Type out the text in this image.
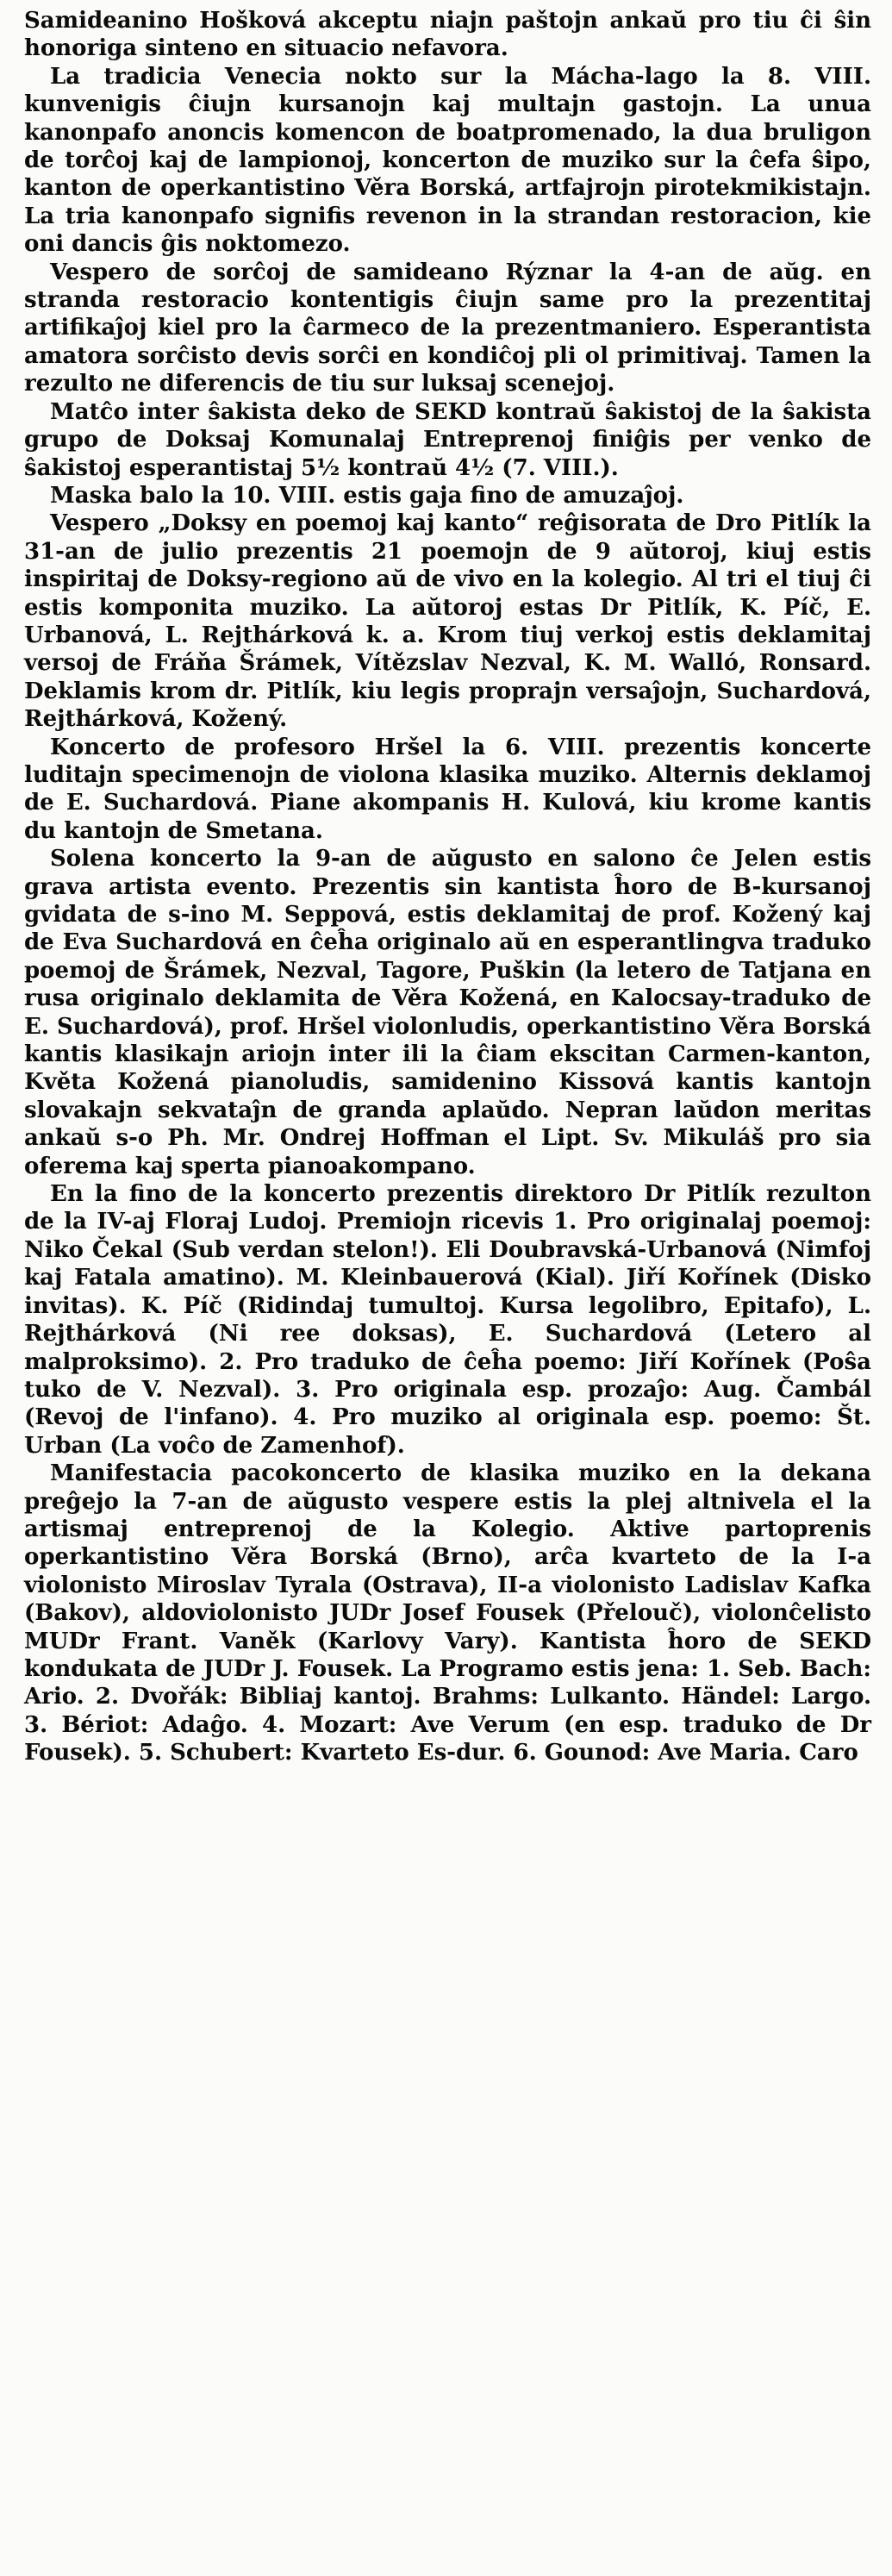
Samideanino Hošková akceptu niajn paštojn ankaŭ pro tiu ĉi ŝin honoriga sinteno en situacio nefavora.

La tradicia Venecia nokto sur la Mácha-lago la 8. VIII. kunvenigis ĉiujn kursanojn kaj multajn gastojn. La unua kanonpafo anoncis komencon de boatpromenado, la dua bruligon de torĉoj kaj de lampionoj, koncerton de muziko sur la ĉefa ŝipo, kanton de operkantistino Věra Borská, artfajrojn pirotekmikistajn. La tria kanonpafo signifis revenon in la strandan restoracion, kie oni dancis ĝis noktomezo.

Vespero de sorĉoj de samideano Rýznar la 4-an de aŭg. en stranda restoracio kontentigis ĉiujn same pro la prezentitaj artifikaĵoj kiel pro la ĉarmeco de la prezentmaniero. Esperantista amatora sorĉisto devis sorĉi en kondiĉoj pli ol primitivaj. Tamen la rezulto ne diferencis de tiu sur luksaj scenejoj.

Matĉo inter ŝakista deko de SEKD kontraŭ ŝakistoj de la ŝakista grupo de Doksaj Komunalaj Entreprenoj finiĝis per venko de ŝakistoj esperantistaj 5½ kontraŭ 4½ (7. VIII.).

Maska balo la 10. VIII. estis gaja fino de amuzaĵoj.

Vespero „Doksy en poemoj kaj kanto“ reĝisorata de Dro Pitlík la 31-an de julio prezentis 21 poemojn de 9 aŭtoroj, kiuj estis inspiritaj de Doksy-regiono aŭ de vivo en la kolegio. Al tri el tiuj ĉi estis komponita muziko. La aŭtoroj estas Dr Pitlík, K. Píč, E. Urbanová, L. Rejthárková k. a. Krom tiuj verkoj estis deklamitaj versoj de Fráňa Šrámek, Vítězslav Nezval, K. M. Walló, Ronsard. Deklamis krom dr. Pitlík, kiu legis proprajn versaĵojn, Suchardová, Rejthárková, Kožený.

Koncerto de profesoro Hršel la 6. VIII. prezentis koncerte luditajn specimenojn de violona klasika muziko. Alternis deklamoj de E. Suchardová. Piane akompanis H. Kulová, kiu krome kantis du kantojn de Smetana.

Solena koncerto la 9-an de aŭgusto en salono ĉe Jelen estis grava artista evento. Prezentis sin kantista ĥoro de B-kursanoj gvidata de s-ino M. Seppová, estis deklamitaj de prof. Kožený kaj de Eva Suchardová en ĉeĥa originalo aŭ en esperantlingva traduko poemoj de Šrámek, Nezval, Tagore, Puškin (la letero de Tatjana en rusa originalo deklamita de Věra Kožená, en Kalocsay-traduko de E. Suchardová), prof. Hršel violonludis, operkantistino Věra Borská kantis klasikajn ariojn inter ili la ĉiam ekscitan Carmen-kanton, Květa Kožená pianoludis, samidenino Kissová kantis kantojn slovakajn sekvataĵn de granda aplaŭdo. Nepran laŭdon meritas ankaŭ s-o Ph. Mr. Ondrej Hoffman el Lipt. Sv. Mikuláš pro sia oferema kaj sperta pianoakompano.

En la fino de la koncerto prezentis direktoro Dr Pitlík rezulton de la IV-aj Floraj Ludoj. Premiojn ricevis 1. Pro originalaj poemoj: Niko Čekal (Sub verdan stelon!). Eli Doubravská-Urbanová (Nimfoj kaj Fatala amatino). M. Kleinbauerová (Kial). Jiří Kořínek (Disko invitas). K. Píč (Ridindaj tumultoj. Kursa legolibro, Epitafo), L. Rejthárková (Ni ree doksas), E. Suchardová (Letero al malproksimo). 2. Pro traduko de ĉeĥa poemo: Jiří Kořínek (Poŝa tuko de V. Nezval). 3. Pro originala esp. prozaĵo: Aug. Čambál (Revoj de l'infano). 4. Pro muziko al originala esp. poemo: Št. Urban (La voĉo de Zamenhof).

Manifestacia pacokoncerto de klasika muziko en la dekana preĝejo la 7-an de aŭgusto vespere estis la plej altnivela el la artismaj entreprenoj de la Kolegio. Aktive partoprenis operkantistino Věra Borská (Brno), arĉa kvarteto de la I-a violonisto Miroslav Tyrala (Ostrava), II-a violonisto Ladislav Kafka (Bakov), aldoviolonisto JUDr Josef Fousek (Přelouč), violonĉelisto MUDr Frant. Vaněk (Karlovy Vary). Kantista ĥoro de SEKD kondukata de JUDr J. Fousek. La Programo estis jena: 1. Seb. Bach: Ario. 2. Dvořák: Bibliaj kantoj. Brahms: Lulkanto. Händel: Largo. 3. Bériot: Adaĝo. 4. Mozart: Ave Verum (en esp. traduko de Dr Fousek). 5. Schubert: Kvarteto Es-dur. 6. Gounod: Ave Maria. Caro
